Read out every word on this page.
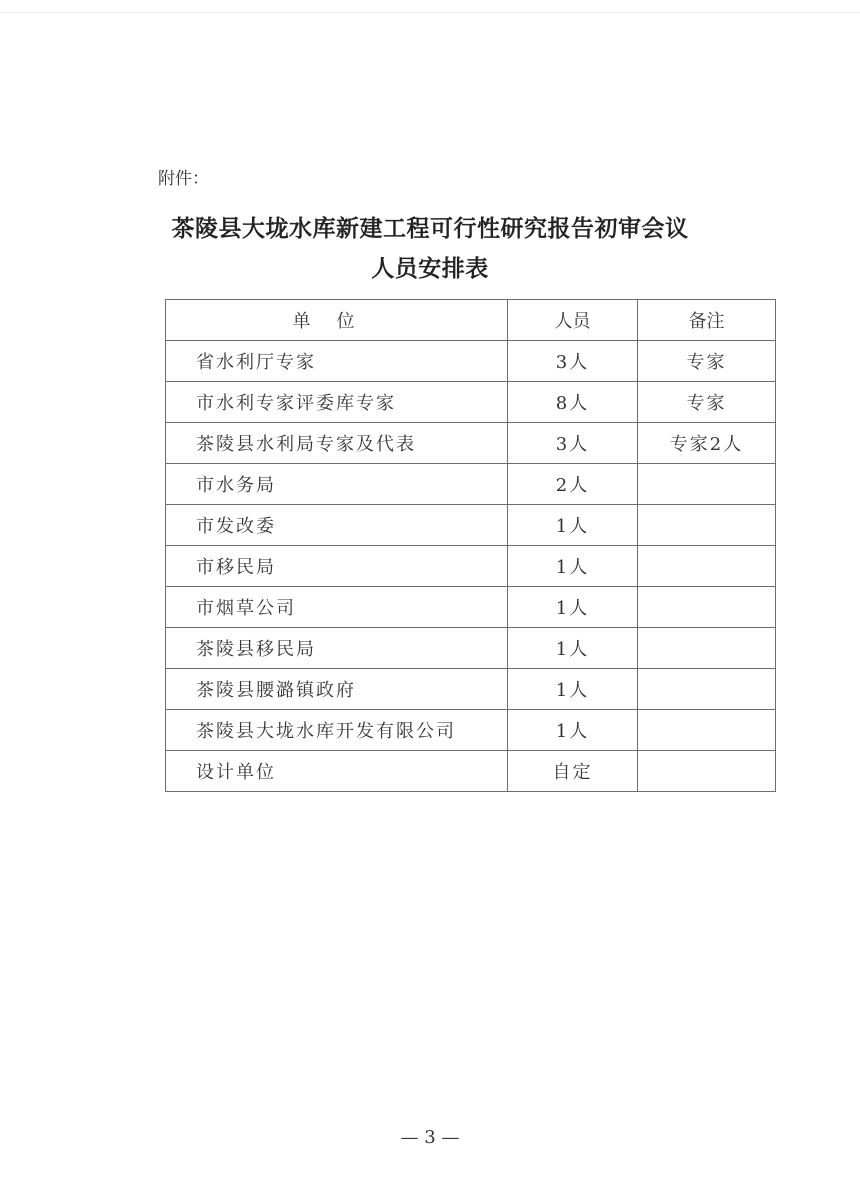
附件：
茶陵县大垅水库新建工程可行性研究报告初审会议
人员安排表
单位	人员	备注
省水利厅专家	3人	专家
市水利专家评委库专家	8人	专家
茶陵县水利局专家及代表	3人	专家2人
市水务局	2人	
市发改委	1人	
市移民局	1人	
市烟草公司	1人	
茶陵县移民局	1人	
茶陵县腰潞镇政府	1人	
茶陵县大垅水库开发有限公司	1人	
设计单位	自定	
— 3 —
